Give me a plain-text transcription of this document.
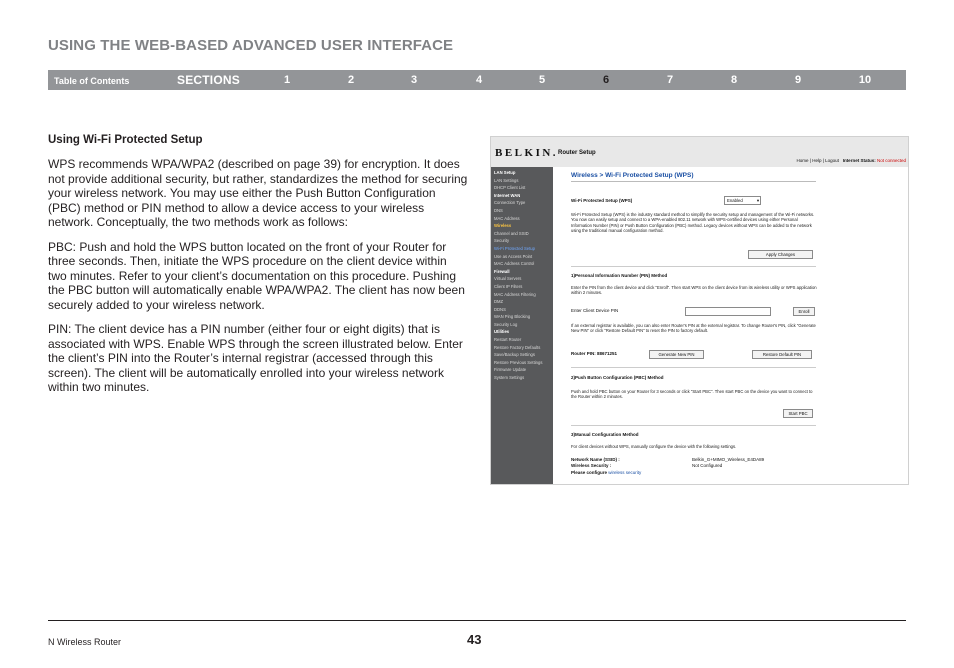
USING THE WEB-BASED ADVANCED USER INTERFACE
Table of Contents	SECTIONS	1	2	3	4	5	6	7	8	9	10
Using Wi-Fi Protected Setup

WPS recommends WPA/WPA2 (described on page 39) for encryption. It does not provide additional security, but rather, standardizes the method for securing your wireless network. You may use either the Push Button Configuration (PBC) method or PIN method to allow a device access to your wireless network. Conceptually, the two methods work as follows:

PBC: Push and hold the WPS button located on the front of your Router for three seconds. Then, initiate the WPS procedure on the client device within two minutes. Refer to your client’s documentation on this procedure. Pushing the PBC button will automatically enable WPA/WPA2. The client has now been securely added to your wireless network.

PIN: The client device has a PIN number (either four or eight digits) that is associated with WPS. Enable WPS through the screen illustrated below. Enter the client’s PIN into the Router’s internal registrar (accessed through this screen). The client will be automatically enrolled into your wireless network within two minutes.

BELKIN. Router Setup
Home | Help | Logout Internet Status: Not connected
LAN Setup
LAN Settings
DHCP Client List
Internet WAN
Connection Type
DNS
MAC Address
Wireless
Channel and SSID
Security
Wi-Fi Protected Setup
Use as Access Point
MAC Address Control
Firewall
Virtual Servers
Client IP Filters
MAC Address Filtering
DMZ
DDNS
WAN Ping Blocking
Security Log
Utilities
Restart Router
Restore Factory Defaults
Save/Backup Settings
Restore Previous Settings
Firmware Update
System Settings
Wireless > Wi-Fi Protected Setup (WPS)
Wi-Fi Protected Setup (WPS)	Enabled	▾
Wi-Fi Protected Setup (WPS) is the industry standard method to simplify the security setup and management of the Wi-Fi networks. You now can easily setup and connect to a WPA-enabled 802.11 network with WPS-certified devices using either Personal Information Number (PIN) or Push Button Configuration (PBC) method. Legacy devices without WPS can be added to the network using the traditional manual configuration method.
Apply Changes
1)Personal Information Number (PIN) Method
Enter the PIN from the client device and click "Enroll". Then start WPS on the client device from its wireless utility or WPS application within 2 minutes.
Enter Client Device PIN	Enroll
If an external registrar is available, you can also enter Router's PIN at the external registrar. To change Router's PIN, click "Generate New PIN" or click "Restore Default PIN" to reset the PIN to factory default.
Router PIN: 88671251	Generate New PIN	Restore Default PIN
2)Push Button Configuration (PBC) Method
Push and hold PBC button on your Router for 3 seconds or click "Start PBC". Then start PBC on the device you want to connect to the Router within 2 minutes.
Start PBC
3)Manual Configuration Method
For client devices without WPS, manually configure the device with the following settings.
Network Name (SSID) :	Belkin_G+MIMO_Wireless_E4DA89
Wireless Security :	Not Configured
Please configure wireless security
N Wireless Router	43
